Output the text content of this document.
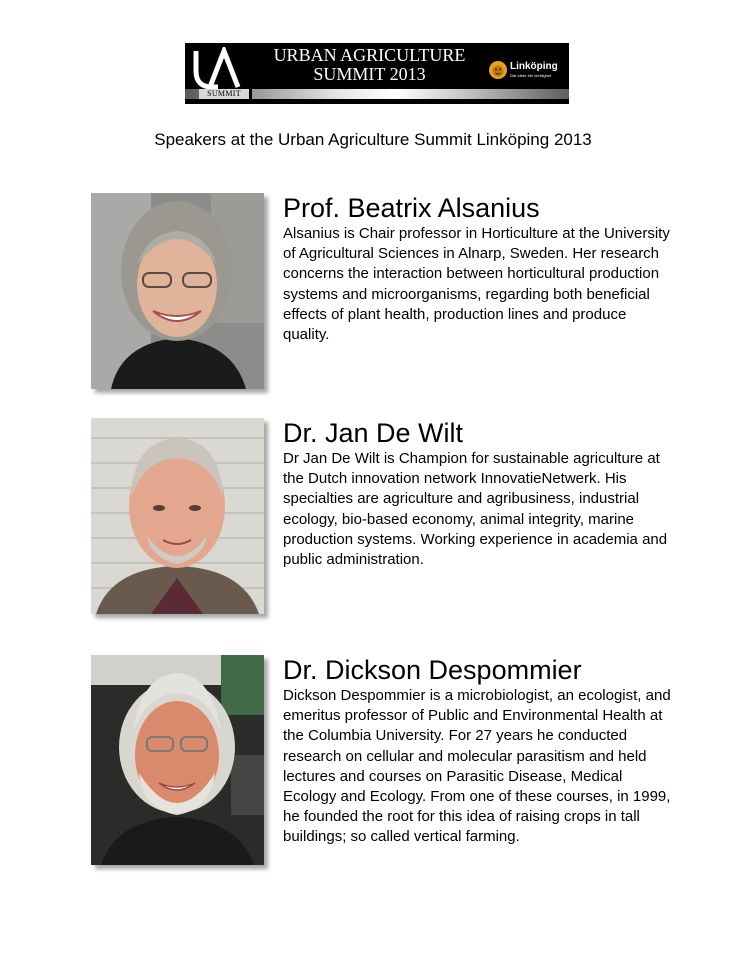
SUMMIT
URBAN AGRICULTURE
SUMMIT 2013	Linköping
Där idéer blir verklighet
Speakers at the Urban Agriculture Summit Linköping 2013
Prof. Beatrix Alsanius

Alsanius is Chair professor in Horticulture at the University of Agricultural Sciences in Alnarp, Sweden. Her research concerns the interaction between horticultural production systems and microorganisms, regarding both beneficial effects of plant health, production lines and produce quality.

Dr. Jan De Wilt

Dr Jan De Wilt is Champion for sustainable agriculture at the Dutch innovation network InnovatieNetwerk. His specialties are agriculture and agribusiness, industrial ecology, bio-based economy, animal integrity, marine production systems. Working experience in academia and public administration.

Dr. Dickson Despommier

Dickson Despommier is a microbiologist, an ecologist, and emeritus professor of Public and Environmental Health at the Columbia University. For 27 years he conducted research on cellular and molecular parasitism and held lectures and courses on Parasitic Disease, Medical Ecology and Ecology. From one of these courses, in 1999, he founded the root for this idea of raising crops in tall buildings; so called vertical farming.
